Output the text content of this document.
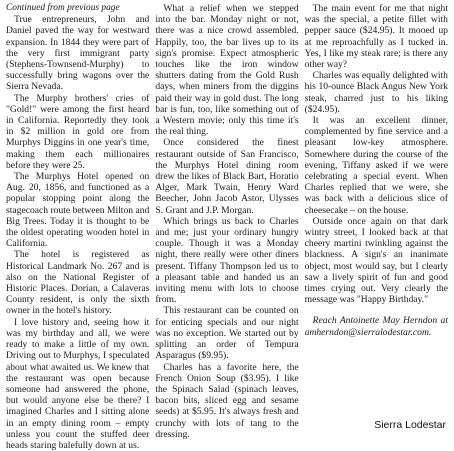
Continued from previous page

True entrepreneurs, John and Daniel paved the way for westward expansion. In 1844 they were part of the very first immigrant party (Stephens-Townsend-Murphy) to successfully bring wagons over the Sierra Nevada.

The Murphy brothers' cries of "Gold!" were among the first heard in California. Reportedly they took in $2 million in gold ore from Murphys Diggins in one year's time, making them each millionaires before they were 25.

The Murphys Hotel opened on Aug. 20, 1856, and functioned as a popular stopping point along the stagecoach route between Milton and Big Trees. Today it is thought to be the oldest operating wooden hotel in California.

The hotel is registered as Historical Landmark No. 267 and is also on the National Register of Historic Places. Dorian, a Calaveras County resident, is only the sixth owner in the hotel's history.

I love history and, seeing how it was my birthday and all, we were ready to make a little of my own. Driving out to Murphys, I speculated about what awaited us. We knew that the restaurant was open because someone had answered the phone, but would anyone else be there? I imagined Charles and I sitting alone in an empty dining room – empty unless you count the stuffed deer heads staring balefully down at us.

What a relief when we stepped into the bar. Monday night or not, there was a nice crowd assembled. Happily, too, the bar lives up to its sign's promise. Expect atmospheric touches like the iron window shutters dating from the Gold Rush days, when miners from the diggins paid their way in gold dust. The long bar is fun, too, like something out of a Western movie; only this time it's the real thing.

Once considered the finest restaurant outside of San Francisco, the Murphys Hotel dining room drew the likes of Black Bart, Horatio Alger, Mark Twain, Henry Ward Beecher, John Jacob Astor, Ulysses S. Grant and J.P. Morgan.

Which brings us back to Charles and me; just your ordinary hungry couple. Though it was a Monday night, there really were other diners present. Tiffany Thompson led us to a pleasant table and handed us an inviting menu with lots to choose from.

This restaurant can be counted on for enticing specials and our night was no exception. We started out by splitting an order of Tempura Asparagus ($9.95).

Charles has a favorite here, the French Onion Soup ($3.95). I like the Spinach Salad (spinach leaves, bacon bits, sliced egg and sesame seeds) at $5.95. It's always fresh and crunchy with lots of tang to the dressing.

The main event for me that night was the special, a petite fillet with pepper sauce ($24.95). It mooed up at me reproachfully as I tucked in. Yes, I like my steak rare; is there any other way?

Charles was equally delighted with his 10-ounce Black Angus New York steak, charred just to his liking ($24.95).

It was an excellent dinner, complemented by fine service and a pleasant low-key atmosphere. Somewhere during the course of the evening, Tiffany asked if we were celebrating a special event. When Charles replied that we were, she was back with a delicious slice of cheesecake – on the house.

Outside once again on that dark wintry street, I looked back at that cheery martini twinkling against the blackness. A sign's an inanimate object, most would say, but I clearly saw a lively spirit of fun and good times crying out. Very clearly the message was "Happy Birthday."

Reach Antoinette May Herndon at amherndon@sierralodestar.com.

Sierra Lodestar
